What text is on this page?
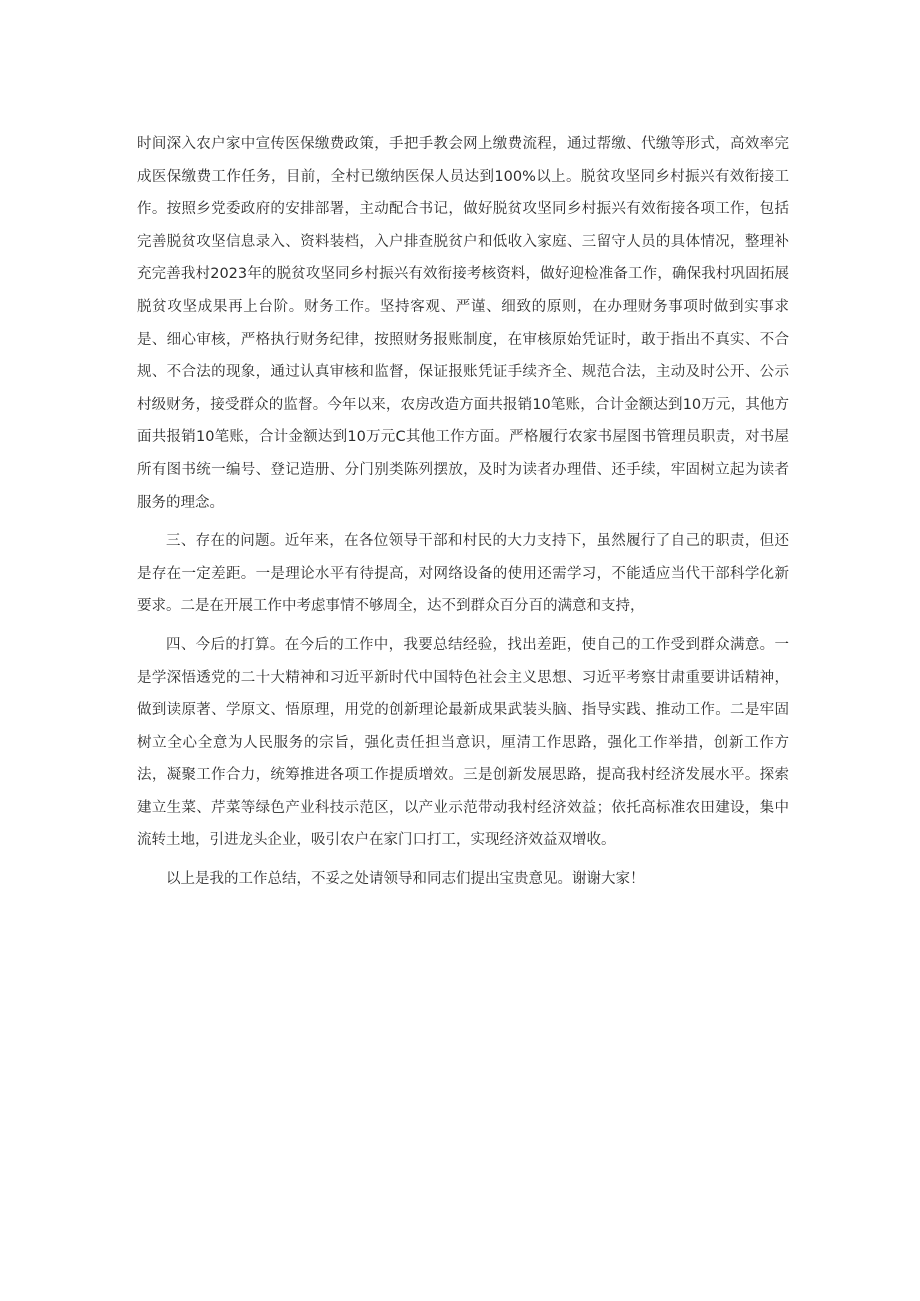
时间深入农户家中宣传医保缴费政策，手把手教会网上缴费流程，通过帮缴、代缴等形式，高效率完成医保缴费工作任务，目前，全村已缴纳医保人员达到100%以上。脱贫攻坚同乡村振兴有效衔接工作。按照乡党委政府的安排部署，主动配合书记，做好脱贫攻坚同乡村振兴有效衔接各项工作，包括完善脱贫攻坚信息录入、资料装档，入户排查脱贫户和低收入家庭、三留守人员的具体情况，整理补充完善我村2023年的脱贫攻坚同乡村振兴有效衔接考核资料，做好迎检准备工作，确保我村巩固拓展脱贫攻坚成果再上台阶。财务工作。坚持客观、严谨、细致的原则，在办理财务事项时做到实事求是、细心审核，严格执行财务纪律，按照财务报账制度，在审核原始凭证时，敢于指出不真实、不合规、不合法的现象，通过认真审核和监督，保证报账凭证手续齐全、规范合法，主动及时公开、公示村级财务，接受群众的监督。今年以来，农房改造方面共报销10笔账，合计金额达到10万元，其他方面共报销10笔账，合计金额达到10万元C其他工作方面。严格履行农家书屋图书管理员职责，对书屋所有图书统一编号、登记造册、分门别类陈列摆放，及时为读者办理借、还手续，牢固树立起为读者服务的理念。

三、存在的问题。近年来，在各位领导干部和村民的大力支持下，虽然履行了自己的职责，但还是存在一定差距。一是理论水平有待提高，对网络设备的使用还需学习，不能适应当代干部科学化新要求。二是在开展工作中考虑事情不够周全，达不到群众百分百的满意和支持，

四、今后的打算。在今后的工作中，我要总结经验，找出差距，使自己的工作受到群众满意。一是学深悟透党的二十大精神和习近平新时代中国特色社会主义思想、习近平考察甘肃重要讲话精神，做到读原著、学原文、悟原理，用党的创新理论最新成果武装头脑、指导实践、推动工作。二是牢固树立全心全意为人民服务的宗旨，强化责任担当意识，厘清工作思路，强化工作举措，创新工作方法，凝聚工作合力，统筹推进各项工作提质增效。三是创新发展思路，提高我村经济发展水平。探索建立生菜、芹菜等绿色产业科技示范区，以产业示范带动我村经济效益；依托高标准农田建设，集中流转土地，引进龙头企业，吸引农户在家门口打工，实现经济效益双增收。

以上是我的工作总结，不妥之处请领导和同志们提出宝贵意见。谢谢大家！
